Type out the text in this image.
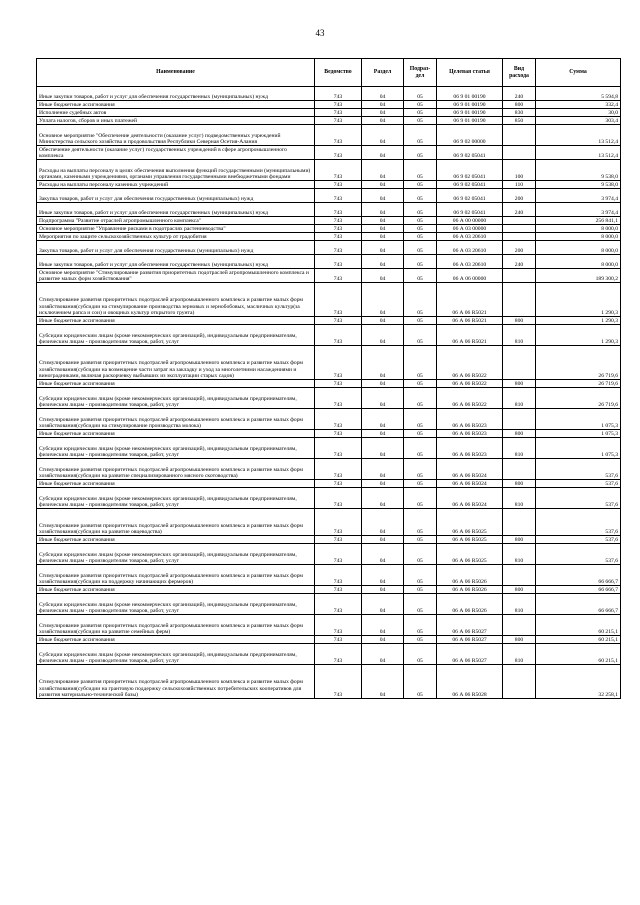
43
Наименование	Ведомство	Раздел	Подраз-дел	Целевая статья	Вид расхода	Сумма
Иные закупки товаров, работ и услуг для обеспечения государственных (муниципальных) нужд	743	04	05	06 9 01 00190	240	5 594,8
Иные бюджетные ассигнования	743	04	05	06 9 01 00190	800	332,4
Исполнение судебных актов	743	04	05	06 9 01 00190	830	30,0
Уплата налогов, сборов и иных платежей	743	04	05	06 9 01 00190	850	303,4
Основное мероприятие "Обеспечение деятельности (оказание услуг) подведомственных учреждений Министерства сельского хозяйства и продовольствия Республики Северная Осетия-Алания	743	04	05	06 9 02 00000		13 512,4
Обеспечение деятельности (оказание услуг) государственных учреждений в сфере агропромышленного комплекса	743	04	05	06 9 02 05041		13 512,4
Расходы на выплаты персоналу в целях обеспечения выполнения функций государственными (муниципальными) органами, казенными учреждениями, органами управления государственными внебюджетными фондами	743	04	05	06 9 02 05041	100	9 538,0
Расходы на выплаты персоналу казенных учреждений	743	04	05	06 9 02 05041	110	9 538,0
Закупка товаров, работ и услуг для обеспечения государственных (муниципальных) нужд	743	04	05	06 9 02 05041	200	3 974,4
Иные закупки товаров, работ и услуг для обеспечения государственных (муниципальных) нужд	743	04	05	06 9 02 05041	240	3 974,4
Подпрограмма "Развитие отраслей агропромышленного комплекса"	743	04	05	06 А 00 00000		256 841,1
Основное мероприятие "Управление рисками в подотраслях растениеводства"	743	04	05	06 А 03 00000		8 000,0
Мероприятия по защите сельскохозяйственных культур от градобития	743	04	05	06 А 03 20610		8 000,0
Закупка товаров, работ и услуг для обеспечения государственных (муниципальных) нужд	743	04	05	06 А 03 20610	200	8 000,0
Иные закупки товаров, работ и услуг для обеспечения государственных (муниципальных) нужд	743	04	05	06 А 03 20610	240	8 000,0
Основное мероприятие "Стимулирование развития приоритетных подотраслей агропромышленного комплекса и развитие малых форм хозяйствования"	743	04	05	06 А 06 00000		189 300,2
Стимулирование развития приоритетных подотраслей агропромышленного комплекса и развитие малых форм хозяйствования(субсидии на стимулирование производства зерновых и зернобобовых, масличных культур(за исключением рапса и сои) и овощных культур открытого грунта)	743	04	05	06 А 06 R5021		1 290,3
Иные бюджетные ассигнования	743	04	05	06 А 06 R5021	800	1 290,3
Субсидии юридическим лицам (кроме некоммерческих организаций), индивидуальным предпринимателям, физическим лицам - производителям товаров, работ, услуг	743	04	05	06 А 06 R5021	810	1 290,3
Стимулирование развития приоритетных подотраслей агропромышленного комплекса и развитие малых форм хозяйствования(субсидии на возмещение части затрат на закладку и уход за многолетними насаждениями и виноградниками, включая раскорчевку выбывших из эксплуатации старых садов)	743	04	05	06 А 06 R5022		26 719,6
Иные бюджетные ассигнования	743	04	05	06 А 06 R5022	800	26 719,6
Субсидии юридическим лицам (кроме некоммерческих организаций), индивидуальным предпринимателям, физическим лицам - производителям товаров, работ, услуг	743	04	05	06 А 06 R5022	810	26 719,6
Стимулирование развития приоритетных подотраслей агропромышленного комплекса и развитие малых форм хозяйствования(субсидии на стимулирование производства молока)	743	04	05	06 А 06 R5023		1 075,3
Иные бюджетные ассигнования	743	04	05	06 А 06 R5023	800	1 075,3
Субсидии юридическим лицам (кроме некоммерческих организаций), индивидуальным предпринимателям, физическим лицам - производителям товаров, работ, услуг	743	04	05	06 А 06 R5023	810	1 075,3
Стимулирование развития приоритетных подотраслей агропромышленного комплекса и развитие малых форм хозяйствования(субсидии на развитие специализированного мясного скотоводства)	743	04	05	06 А 06 R5024		537,6
Иные бюджетные ассигнования	743	04	05	06 А 06 R5024	800	537,6
Субсидии юридическим лицам (кроме некоммерческих организаций), индивидуальным предпринимателям, физическим лицам - производителям товаров, работ, услуг	743	04	05	06 А 06 R5024	810	537,6
Стимулирование развития приоритетных подотраслей агропромышленного комплекса и развитие малых форм хозяйствования(субсидии на развитие овцеводства)	743	04	05	06 А 06 R5025		537,6
Иные бюджетные ассигнования	743	04	05	06 А 06 R5025	800	537,6
Субсидии юридическим лицам (кроме некоммерческих организаций), индивидуальным предпринимателям, физическим лицам - производителям товаров, работ, услуг	743	04	05	06 А 06 R5025	810	537,6
Стимулирование развития приоритетных подотраслей агропромышленного комплекса и развитие малых форм хозяйствования(субсидии на поддержку начинающих фермеров)	743	04	05	06 А 06 R5026		66 666,7
Иные бюджетные ассигнования	743	04	05	06 А 06 R5026	800	66 666,7
Субсидии юридическим лицам (кроме некоммерческих организаций), индивидуальным предпринимателям, физическим лицам - производителям товаров, работ, услуг	743	04	05	06 А 06 R5026	810	66 666,7
Стимулирование развития приоритетных подотраслей агропромышленного комплекса и развитие малых форм хозяйствования(субсидии на развитие семейных ферм)	743	04	05	06 А 06 R5027		60 215,1
Иные бюджетные ассигнования	743	04	05	06 А 06 R5027	800	60 215,1
Субсидии юридическим лицам (кроме некоммерческих организаций), индивидуальным предпринимателям, физическим лицам - производителям товаров, работ, услуг	743	04	05	06 А 06 R5027	810	60 215,1
Стимулирование развития приоритетных подотраслей агропромышленного комплекса и развитие малых форм хозяйствования(субсидии на грантовую поддержку сельскохозяйственных потребительских кооперативов для развития материально-технической базы)	743	04	05	06 А 06 R5028		32 258,1
